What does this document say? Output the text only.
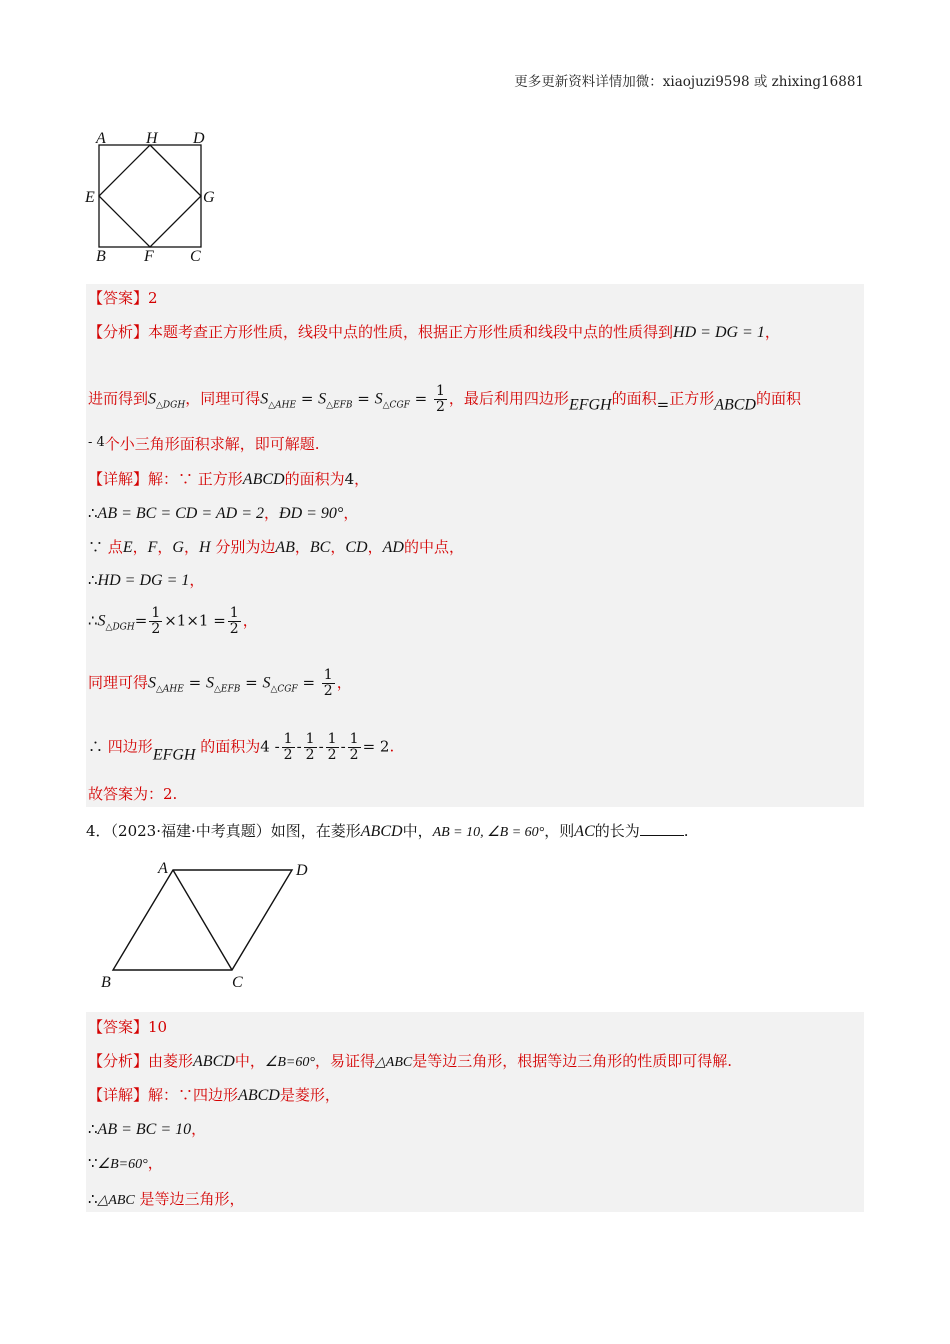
更多更新资料详情加微：xiaojuzi9598 或 zhixing16881
A	H D
E	G
B F C
【答案】2
【分析】本题考查正方形性质，线段中点的性质，根据正方形性质和线段中点的性质得到HD = DG = 1，
进而得到$S_{\triangle DGH}$，同理可得$S_{\triangle AHE} = S_{\triangle EFB} = S_{\triangle CGF} = \frac{1}{2}$ ，最后利用四边形EFGH的面积=正方形ABCD的面积
- 4个小三角形面积求解，即可解题.
【详解】解：∵ 正方形ABCD的面积为4，
∴AB = BC = CD = AD = 2，ÐD = 90°，
∵ 点E，F，G，H 分别为边AB，BC，CD，AD的中点，
∴HD = DG = 1，
$\therefore S_{\triangle DGH}= \frac{1}{2} \times 1\times 1 = \frac{1}{2}$ ，
同理可得$S_{\triangle AHE} = S_{\triangle EFB} = S_{\triangle CGF} = \frac{1}{2}$ ，
∴ 四边形EFGH 的面积为$4 - \frac{1}{2} - \frac{1}{2} - \frac{1}{2} - \frac{1}{2} = 2$.
故答案为：2.
4．（2023·福建·中考真题）如图，在菱形ABCD中，AB = 10, ∠B = 60°，则AC的长为	.
A	D
B	C
【答案】10
【分析】由菱形ABCD中，∠B=60°，易证得△ABC是等边三角形，根据等边三角形的性质即可得解.
【详解】解：∵四边形ABCD是菱形，
∴AB = BC = 10，
∵∠B=60°，
∴△ABC 是等边三角形，
